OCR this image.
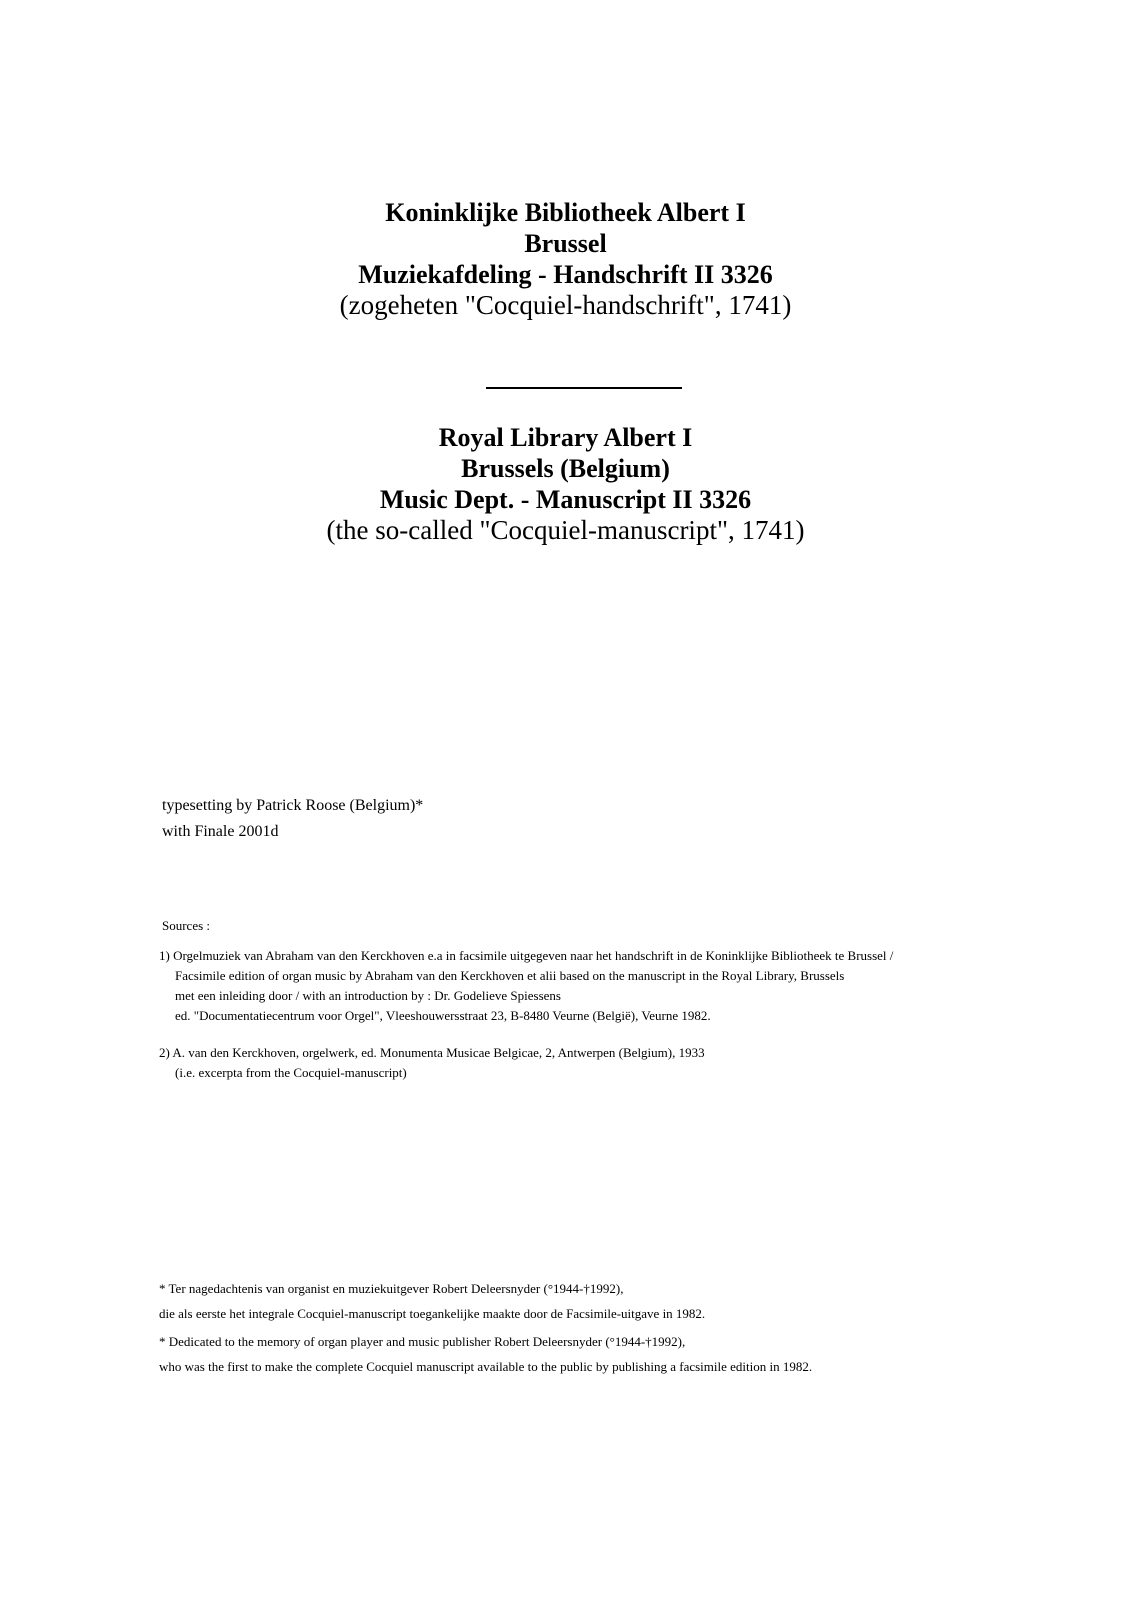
Koninklijke Bibliotheek Albert I
Brussel
Muziekafdeling - Handschrift II 3326
(zogeheten "Cocquiel-handschrift", 1741)
Royal Library Albert I
Brussels (Belgium)
Music Dept. - Manuscript II 3326
(the so-called "Cocquiel-manuscript", 1741)
typesetting by Patrick Roose (Belgium)*
with Finale 2001d
Sources :
1) Orgelmuziek van Abraham van den Kerckhoven e.a in facsimile uitgegeven naar het handschrift in de Koninklijke Bibliotheek te Brussel /
Facsimile edition of organ music by Abraham van den Kerckhoven et alii based on the manuscript in the Royal Library, Brussels
met een inleiding door / with an introduction by : Dr. Godelieve Spiessens
ed. "Documentatiecentrum voor Orgel", Vleeshouwersstraat 23, B-8480 Veurne (België), Veurne 1982.
2) A. van den Kerckhoven, orgelwerk, ed. Monumenta Musicae Belgicae, 2, Antwerpen (Belgium), 1933
(i.e. excerpta from the Cocquiel-manuscript)
* Ter nagedachtenis van organist en muziekuitgever Robert Deleersnyder (°1944-†1992),
die als eerste het integrale Cocquiel-manuscript toegankelijke maakte door de Facsimile-uitgave in 1982.
* Dedicated to the memory of organ player and music publisher Robert Deleersnyder (°1944-†1992),
who was the first to make the complete Cocquiel manuscript available to the public by publishing a facsimile edition in 1982.
